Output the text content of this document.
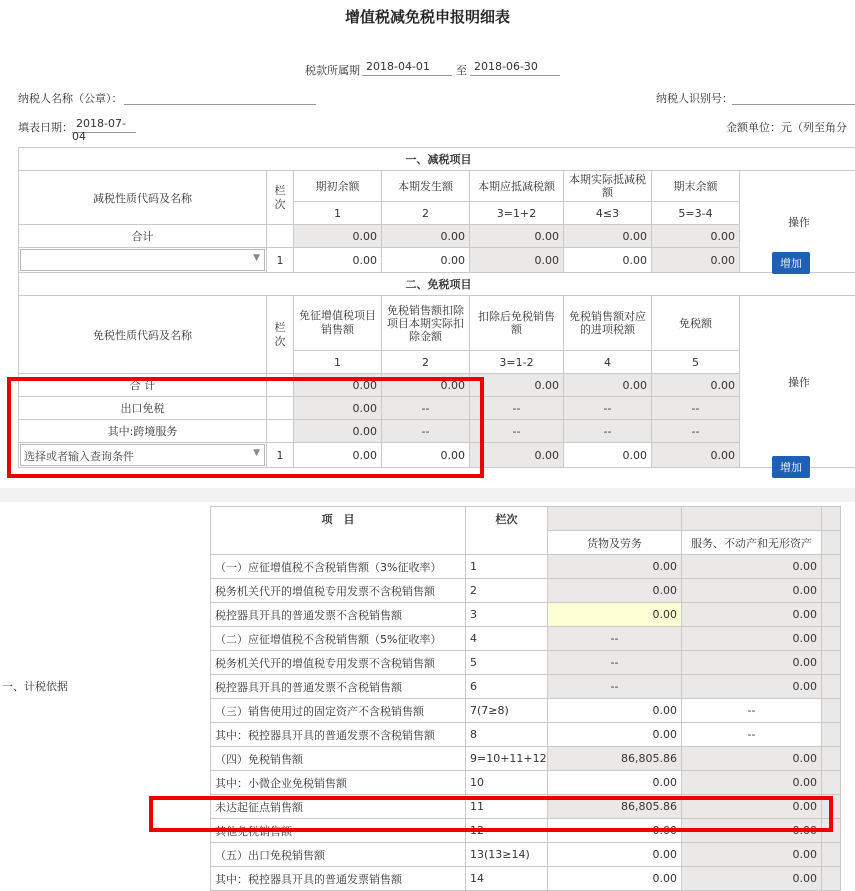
增值税减免税申报明细表
税款所属期 2018-04-01	至 2018-06-30
纳税人名称（公章）：	纳税人识别号：
填表日期： 2018-07-04
金额单位：元（列至角分
一、减税项目							
减税性质代码及名称	栏次	期初余额	本期发生额	本期应抵减税额	本期实际抵减税额	期末余额	操作
		1	2	3=1+2	4≤3	5=3-4	
合计		0.00	0.00	0.00	0.00	0.00	

▼	1	0.00	0.00	0.00	0.00	0.00	
二、免税项目							
免税性质代码及名称	栏次	免征增值税项目销售额	免税销售额扣除项目本期实际扣除金额	扣除后免税销售额	免税销售额对应的进项税额	免税额	操作
		1	2	3=1-2	4	5	
合 计		0.00	0.00	0.00	0.00	0.00	
出口免税		0.00	--	--	--	--	
其中:跨境服务		0.00	--	--	--	--	

选择或者输入查询条件 ▼	1	0.00	0.00	0.00	0.00	0.00	
增加
增加
一、计税依据
项　目	栏次			
		货物及劳务	服务、不动产和无形资产	
（一）应征增值税不含税销售额（3%征收率）	1	0.00	0.00	
税务机关代开的增值税专用发票不含税销售额	2	0.00	0.00	
税控器具开具的普通发票不含税销售额	3	0.00	0.00	
（二）应征增值税不含税销售额（5%征收率）	4	--	0.00	
税务机关代开的增值税专用发票不含税销售额	5	--	0.00	
税控器具开具的普通发票不含税销售额	6	--	0.00	
（三）销售使用过的固定资产不含税销售额	7(7≥8)	0.00	--	
其中：税控器具开具的普通发票不含税销售额	8	0.00	--	
（四）免税销售额	9=10+11+12	86,805.86	0.00	
其中：小微企业免税销售额	10	0.00	0.00	
未达起征点销售额	11	86,805.86	0.00	
其他免税销售额	12	0.00	0.00	
（五）出口免税销售额	13(13≥14)	0.00	0.00	
其中：税控器具开具的普通发票销售额	14	0.00	0.00	
